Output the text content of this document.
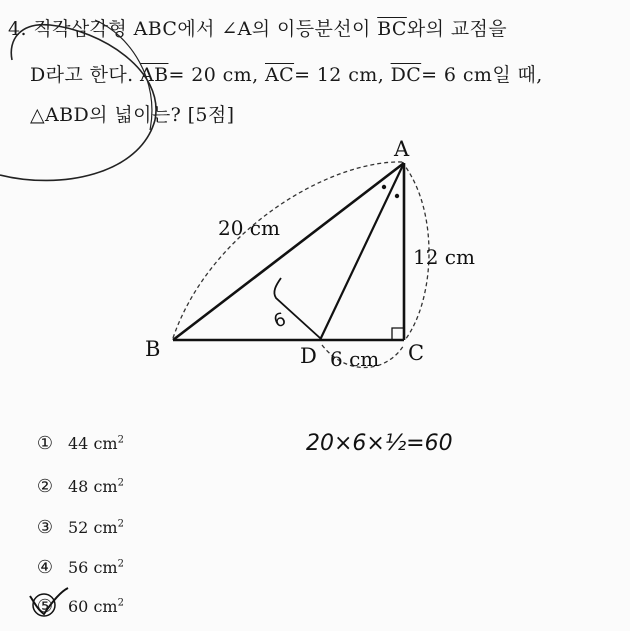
4. 직각삼각형 ABC에서 ∠A의 이등분선이 $\overline{BC}$와의 교점을
D라고 한다. $\overline{AB}= 20$ cm, $\overline{AC}= 12$ cm, $\overline{DC}= 6$ cm일 때,
△ABD의 넓이는? [5점]
A
B	C
D
20 cm
12 cm
6 cm
6
20×6×½=60
① 44 $cm^2$
② 48 $cm^2$
③ 52 $cm^2$
④ 56 $cm^2$
⑤ 60 $cm^2$
